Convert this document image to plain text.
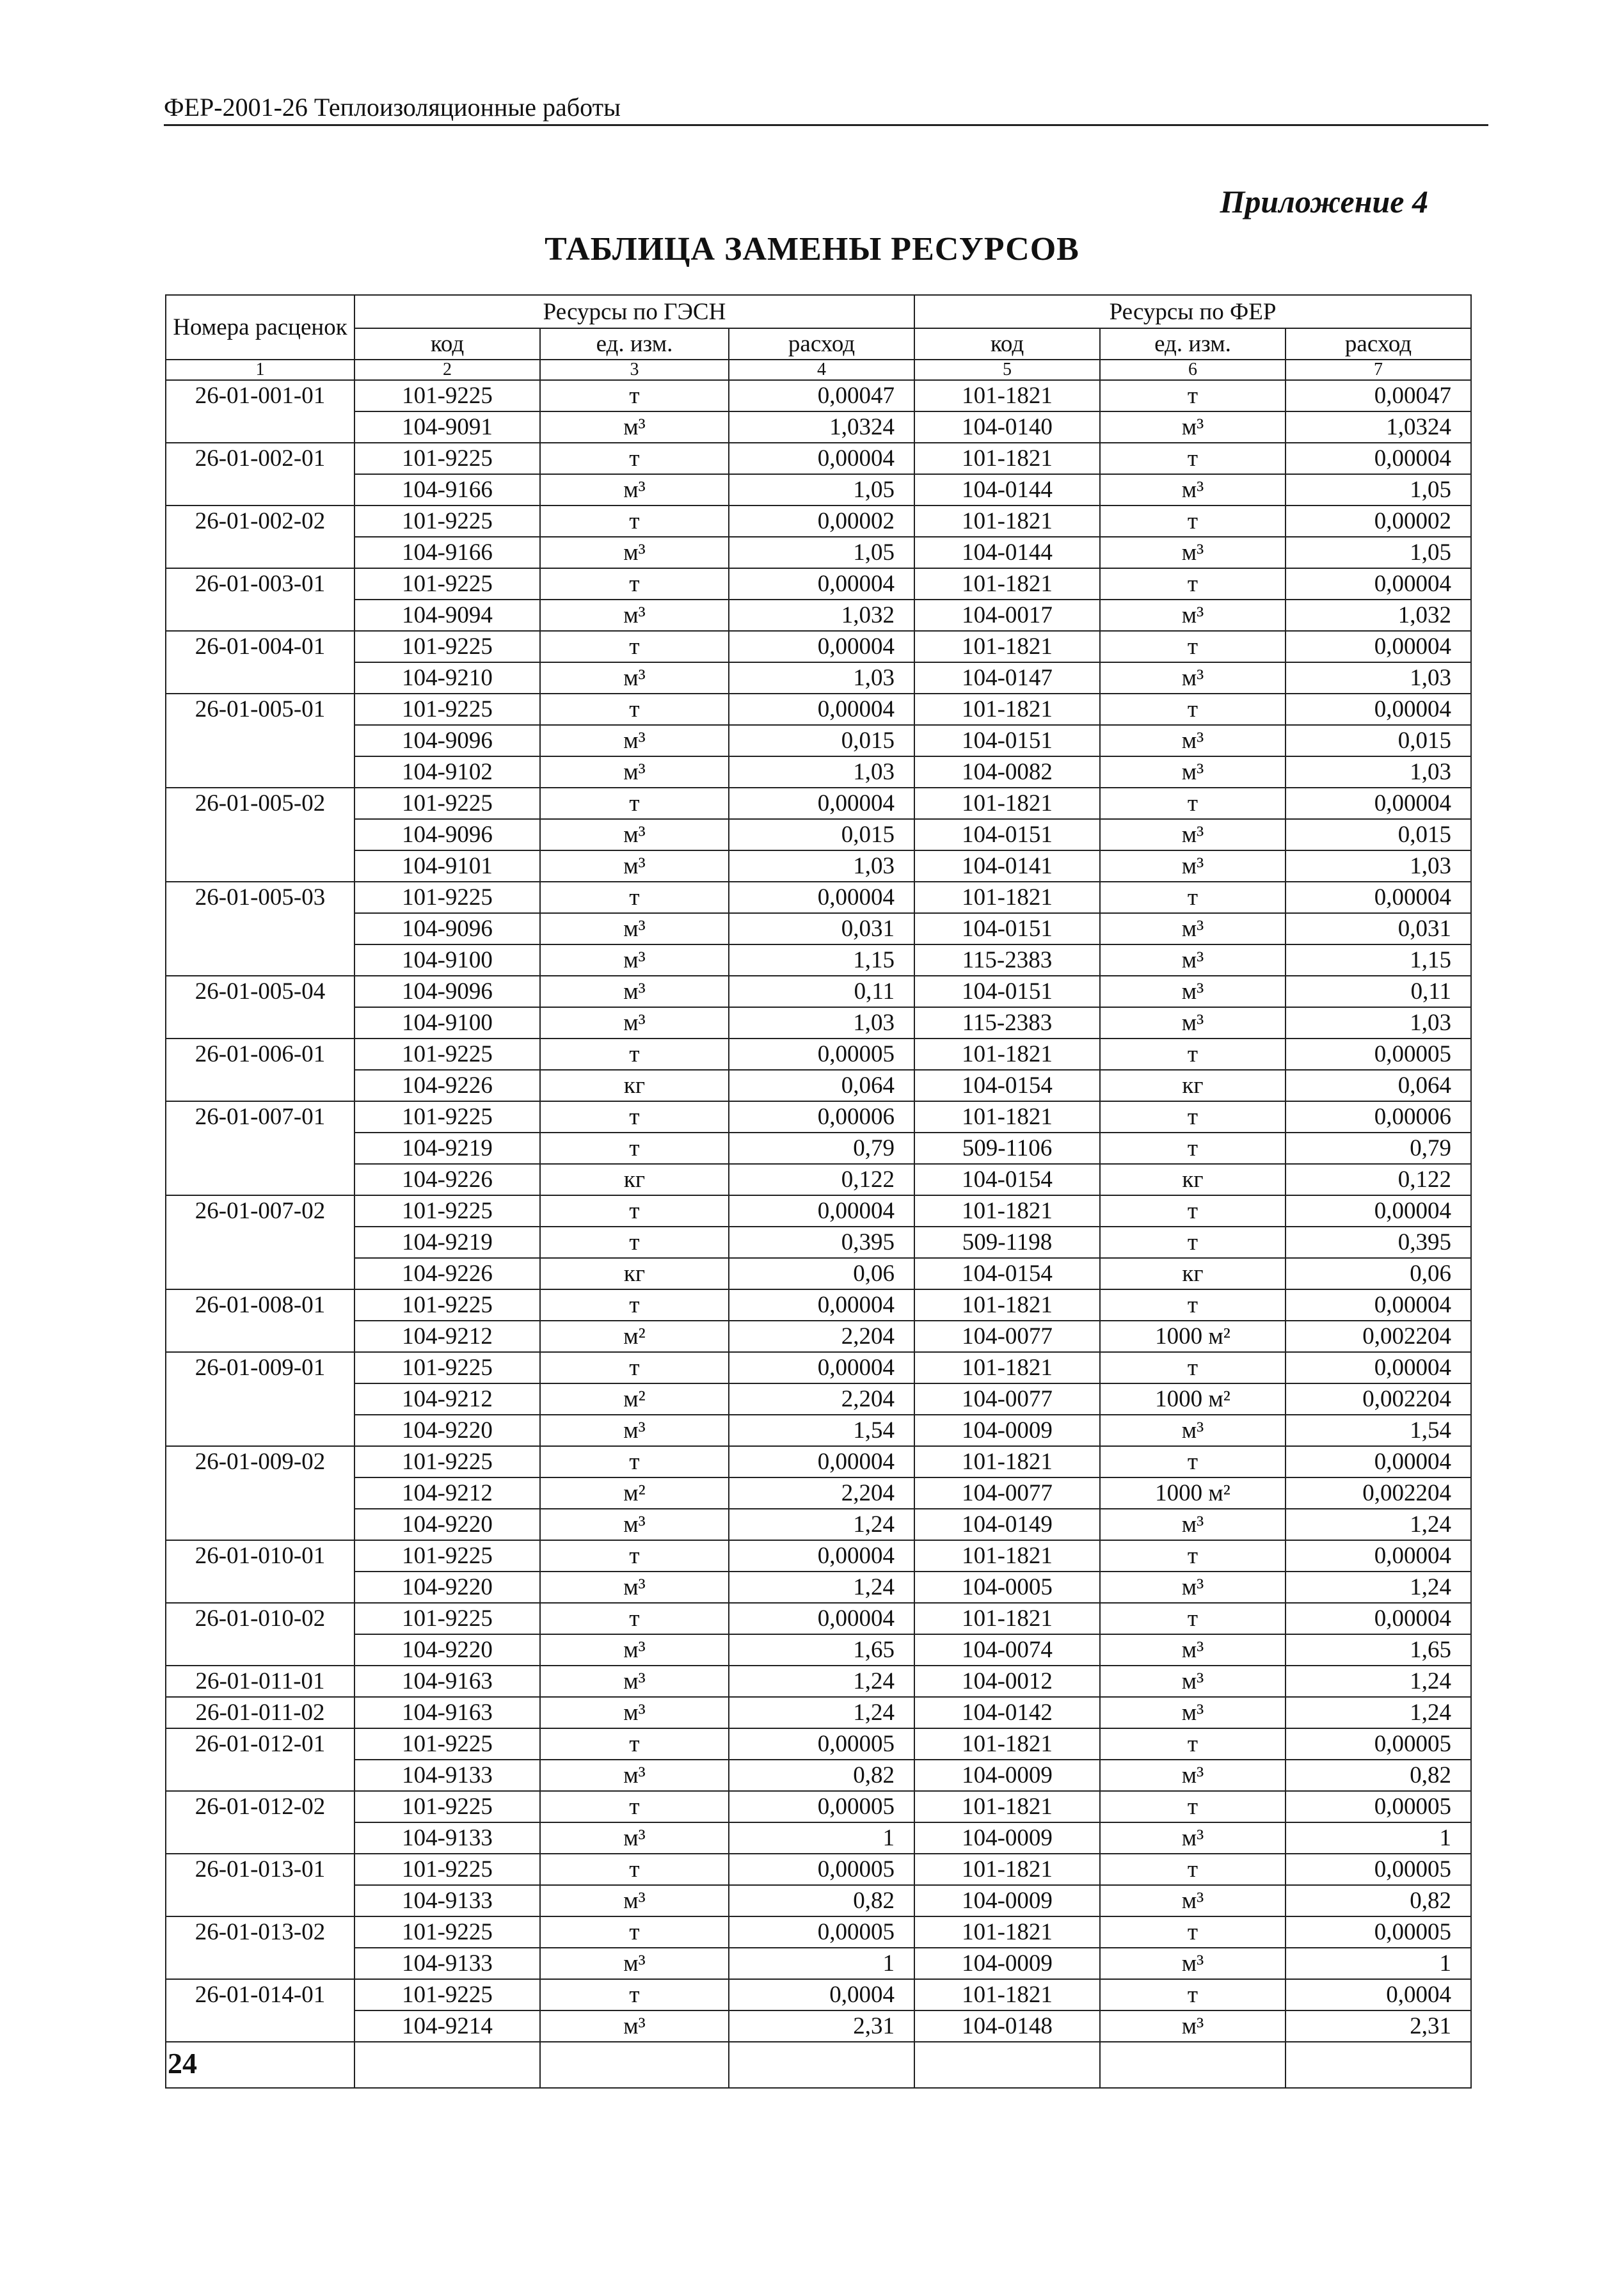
ФЕР-2001-26 Теплоизоляционные работы
Приложение 4
ТАБЛИЦА ЗАМЕНЫ РЕСУРСОВ
Номера расценок	Ресурсы по ГЭСН			Ресурсы по ФЕР		
	код	ед. изм.	расход	код	ед. изм.	расход
1	2	3	4	5	6	7
26-01-001-01	101-9225	т	0,00047	101-1821	т	0,00047
	104-9091	м³	1,0324	104-0140	м³	1,0324
26-01-002-01	101-9225	т	0,00004	101-1821	т	0,00004
	104-9166	м³	1,05	104-0144	м³	1,05
26-01-002-02	101-9225	т	0,00002	101-1821	т	0,00002
	104-9166	м³	1,05	104-0144	м³	1,05
26-01-003-01	101-9225	т	0,00004	101-1821	т	0,00004
	104-9094	м³	1,032	104-0017	м³	1,032
26-01-004-01	101-9225	т	0,00004	101-1821	т	0,00004
	104-9210	м³	1,03	104-0147	м³	1,03
26-01-005-01	101-9225	т	0,00004	101-1821	т	0,00004
	104-9096	м³	0,015	104-0151	м³	0,015
	104-9102	м³	1,03	104-0082	м³	1,03
26-01-005-02	101-9225	т	0,00004	101-1821	т	0,00004
	104-9096	м³	0,015	104-0151	м³	0,015
	104-9101	м³	1,03	104-0141	м³	1,03
26-01-005-03	101-9225	т	0,00004	101-1821	т	0,00004
	104-9096	м³	0,031	104-0151	м³	0,031
	104-9100	м³	1,15	115-2383	м³	1,15
26-01-005-04	104-9096	м³	0,11	104-0151	м³	0,11
	104-9100	м³	1,03	115-2383	м³	1,03
26-01-006-01	101-9225	т	0,00005	101-1821	т	0,00005
	104-9226	кг	0,064	104-0154	кг	0,064
26-01-007-01	101-9225	т	0,00006	101-1821	т	0,00006
	104-9219	т	0,79	509-1106	т	0,79
	104-9226	кг	0,122	104-0154	кг	0,122
26-01-007-02	101-9225	т	0,00004	101-1821	т	0,00004
	104-9219	т	0,395	509-1198	т	0,395
	104-9226	кг	0,06	104-0154	кг	0,06
26-01-008-01	101-9225	т	0,00004	101-1821	т	0,00004
	104-9212	м²	2,204	104-0077	1000 м²	0,002204
26-01-009-01	101-9225	т	0,00004	101-1821	т	0,00004
	104-9212	м²	2,204	104-0077	1000 м²	0,002204
	104-9220	м³	1,54	104-0009	м³	1,54
26-01-009-02	101-9225	т	0,00004	101-1821	т	0,00004
	104-9212	м²	2,204	104-0077	1000 м²	0,002204
	104-9220	м³	1,24	104-0149	м³	1,24
26-01-010-01	101-9225	т	0,00004	101-1821	т	0,00004
	104-9220	м³	1,24	104-0005	м³	1,24
26-01-010-02	101-9225	т	0,00004	101-1821	т	0,00004
	104-9220	м³	1,65	104-0074	м³	1,65
26-01-011-01	104-9163	м³	1,24	104-0012	м³	1,24
26-01-011-02	104-9163	м³	1,24	104-0142	м³	1,24
26-01-012-01	101-9225	т	0,00005	101-1821	т	0,00005
	104-9133	м³	0,82	104-0009	м³	0,82
26-01-012-02	101-9225	т	0,00005	101-1821	т	0,00005
	104-9133	м³	1	104-0009	м³	1
26-01-013-01	101-9225	т	0,00005	101-1821	т	0,00005
	104-9133	м³	0,82	104-0009	м³	0,82
26-01-013-02	101-9225	т	0,00005	101-1821	т	0,00005
	104-9133	м³	1	104-0009	м³	1
26-01-014-01	101-9225	т	0,0004	101-1821	т	0,0004
	104-9214	м³	2,31	104-0148	м³	2,31

24
